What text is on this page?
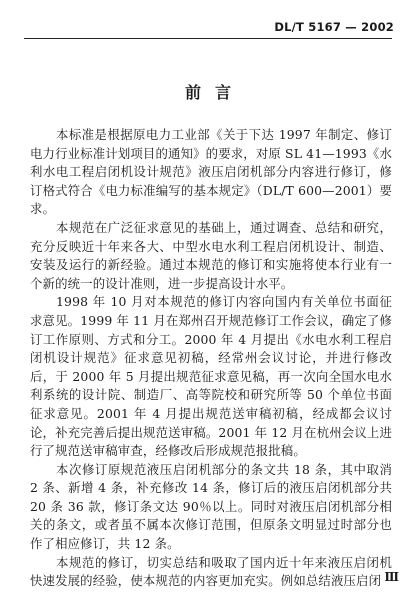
DL/T 5167 — 2002
前言

本标准是根据原电力工业部《关于下达 1997 年制定、修订电力行业标准计划项目的通知》的要求，对原 SL 41—1993《水利水电工程启闭机设计规范》液压启闭机部分内容进行修订，修订格式符合《电力标准编写的基本规定》（DL/T 600—2001）要求。

本规范在广泛征求意见的基础上，通过调查、总结和研究，充分反映近十年来各大、中型水电水利工程启闭机设计、制造、安装及运行的新经验。通过本规范的修订和实施将使本行业有一个新的统一的设计准则，进一步提高设计水平。

1998 年 10 月对本规范的修订内容向国内有关单位书面征求意见。1999 年 11 月在郑州召开规范修订工作会议，确定了修订工作原则、方式和分工。2000 年 4 月提出《水电水利工程启闭机设计规范》征求意见初稿，经常州会议讨论，并进行修改后，于 2000 年 5 月提出规范征求意见稿，再一次向全国水电水利系统的设计院、制造厂、高等院校和研究所等 50 个单位书面征求意见。2001 年 4 月提出规范送审稿初稿，经成都会议讨论，补充完善后提出规范送审稿。2001 年 12 月在杭州会议上进行了规范送审稿审查，经修改后形成规范报批稿。

本次修订原规范液压启闭机部分的条文共 18 条，其中取消 2 条、新增 4 条，补充修改 14 条，修订后的液压启闭机部分共 20 条 36 款，修订条文达 90％以上。同时对液压启闭机部分相关的条文，或者虽不属本次修订范围，但原条文明显过时部分也作了相应修订，共 12 条。

本规范的修订，切实总结和吸取了国内近十年来液压启闭机快速发展的经验，使本规范的内容更加充实。例如总结液压启闭 Ⅲ
